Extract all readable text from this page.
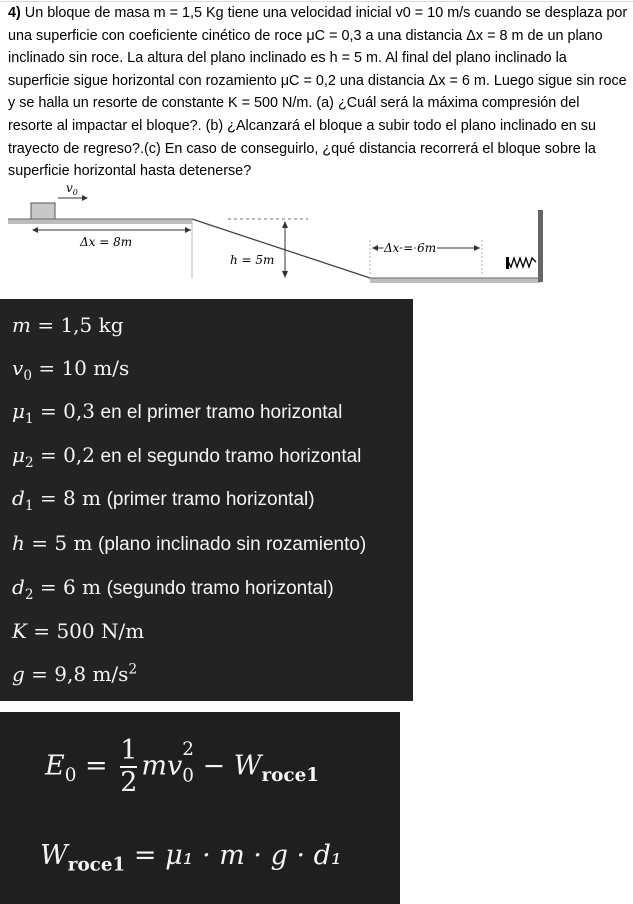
4) Un bloque de masa m = 1,5 Kg tiene una velocidad inicial v0 = 10 m/s cuando se desplaza por una superficie con coeficiente cinético de roce μC = 0,3 a una distancia Δx = 8 m de un plano inclinado sin roce. La altura del plano inclinado es h = 5 m. Al final del plano inclinado la superficie sigue horizontal con rozamiento μC = 0,2 una distancia Δx = 6 m. Luego sigue sin roce y se halla un resorte de constante K = 500 N/m. (a) ¿Cuál será la máxima compresión del resorte al impactar el bloque?. (b) ¿Alcanzará el bloque a subir todo el plano inclinado en su trayecto de regreso?.(c) En caso de conseguirlo, ¿qué distancia recorrerá el bloque sobre la superficie horizontal hasta detenerse?

$v_0$
Δx = 8m
h = 5m
Δx = 6m
m = 1,5 kg
$v_0 = 10$ m/s
$\mu_1 = 0,3$ en el primer tramo horizontal
$\mu_2 = 0,2$ en el segundo tramo horizontal
$d_1 = 8$ m (primer tramo horizontal)
h = 5 m (plano inclinado sin rozamiento)
$d_2 = 6$ m (segundo tramo horizontal)
K = 500 N/m
g = 9,8 $m/s^2$
$E_0 = \frac{1}{2}$ mv
2
$_0 - W_{roce1}$
$W_{roce1} = \mu_1 \cdot m \cdot g \cdot d_1$
